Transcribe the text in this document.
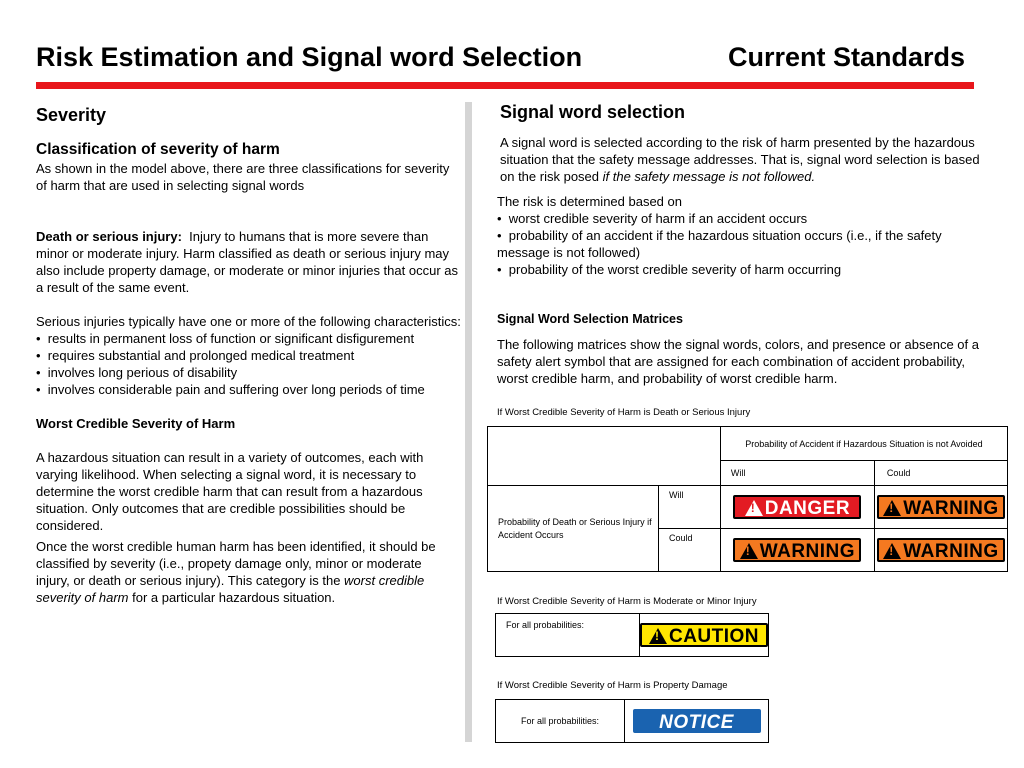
Risk Estimation and Signal word Selection	Current Standards
Severity
Classification of severity of harm

As shown in the model above, there are three classifications for severity of harm that are used in selecting signal words

Death or serious injury: Injury to humans that is more severe than minor or moderate injury. Harm classified as death or serious injury may also include property damage, or moderate or minor injuries that occur as a result of the same event.

Serious injuries typically have one or more of the following characteristics:

•  results in permanent loss of function or significant disfigurement

•  requires substantial and prolonged medical treatment

•  involves long perious of disability

•  involves considerable pain and suffering over long periods of time

Worst Credible Severity of Harm

A hazardous situation can result in a variety of outcomes, each with varying likelihood. When selecting a signal word, it is necessary to determine the worst credible harm that can result from a hazardous situation. Only outcomes that are credible possibilities should be considered.

Once the worst credible human harm has been identified, it should be classified by severity (i.e., propety damage only, minor or moderate injury, or death or serious injury). This category is the worst credible severity of harm for a particular hazardous situation.

Signal word selection
A signal word is selected according to the risk of harm presented by the hazardous situation that the safety message addresses. That is, signal word selection is based on the risk posed if the safety message is not followed.

The risk is determined based on

•  worst credible severity of harm if an accident occurs

•  probability of an accident if the hazardous situation occurs (i.e., if the safety message is not followed)

•  probability of the worst credible severity of harm occurring

Signal Word Selection Matrices
The following matrices show the signal words, colors, and presence or absence of a safety alert symbol that are assigned for each combination of accident probability, worst credible harm, and probability of worst credible harm.
If Worst Credible Severity of Harm is Death or Serious Injury
		Probability of Accident if Hazardous Situation is not Avoided	
		Will	Could
Probability of Death or Serious Injury if Accident Occurs	Will	!DANGER	!WARNING
	Could	!WARNING	!WARNING
If Worst Credible Severity of Harm is Moderate or Minor Injury
For all probabilities:	!CAUTION
If Worst Credible Severity of Harm is Property Damage
For all probabilities:	NOTICE
